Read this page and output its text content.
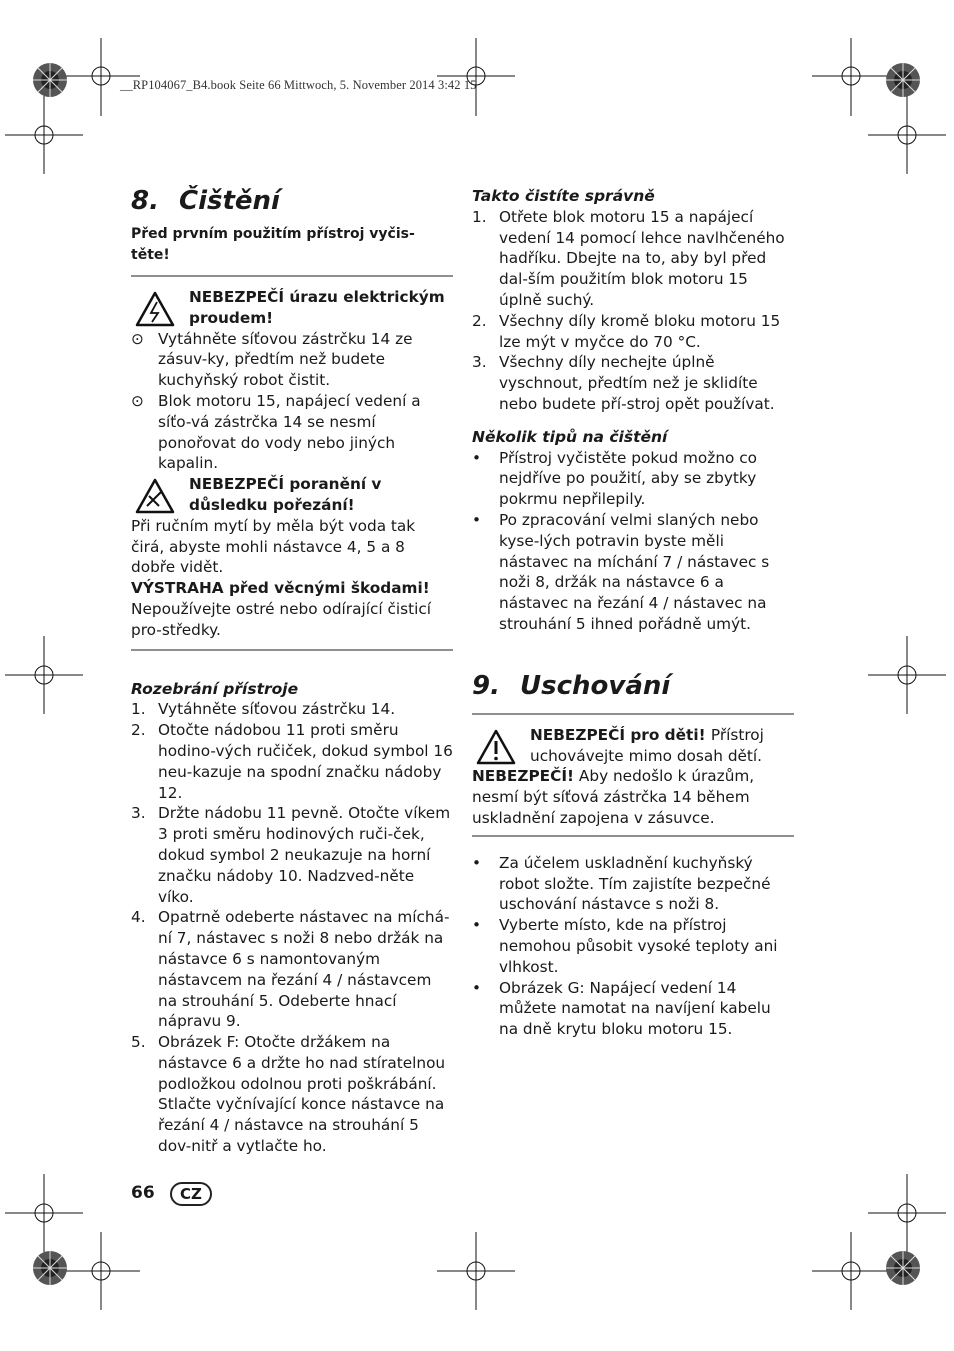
__RP104067_B4.book Seite 66 Mittwoch, 5. November 2014 3:42 15
8. Čištění

Před prvním použitím přístroj vyčis-těte!

NEBEZPEČÍ úrazu elektrickým proudem!
⊙ Vytáhněte síťovou zástrčku 14 ze zásuv-ky, předtím než budete kuchyňský robot čistit.
⊙ Blok motoru 15, napájecí vedení a síťo-vá zástrčka 14 se nesmí ponořovat do vody nebo jiných kapalin.
NEBEZPEČÍ poranění v důsledku pořezání!

Při ručním mytí by měla být voda tak čirá, abyste mohli nástavce 4, 5 a 8 dobře vidět.

VÝSTRAHA před věcnými škodami!

Nepoužívejte ostré nebo odírající čisticí pro-středky.

Rozebrání přístroje
1. Vytáhněte síťovou zástrčku 14.
2. Otočte nádobou 11 proti směru hodino-vých ručiček, dokud symbol 16 neu-kazuje na spodní značku nádoby 12.
3. Držte nádobu 11 pevně. Otočte víkem 3 proti směru hodinových ruči-ček, dokud symbol 2 neukazuje na horní značku nádoby 10. Nadzved-něte víko.
4. Opatrně odeberte nástavec na míchá-ní 7, nástavec s noži 8 nebo držák na nástavce 6 s namontovaným nástavcem na řezání 4 / nástavcem na strouhání 5. Odeberte hnací nápravu 9.
5. Obrázek F: Otočte držákem na nástavce 6 a držte ho nad stíratelnou podložkou odolnou proti poškrábání. Stlačte vyčnívající konce nástavce na řezání 4 / nástavce na strouhání 5 dov-nitř a vytlačte ho.
Takto čistíte správně
1. Otřete blok motoru 15 a napájecí vedení 14 pomocí lehce navlhčeného hadříku. Dbejte na to, aby byl před dal-ším použitím blok motoru 15 úplně suchý.
2. Všechny díly kromě bloku motoru 15 lze mýt v myčce do 70 °C.
3. Všechny díly nechejte úplně vyschnout, předtím než je sklidíte nebo budete pří-stroj opět používat.
Několik tipů na čištění
•	Přístroj vyčistěte pokud možno co nejdříve po použití, aby se zbytky pokrmu nepřilepily.
•	Po zpracování velmi slaných nebo kyse-lých potravin byste měli nástavec na míchání 7 / nástavec s noži 8, držák na nástavce 6 a nástavec na řezání 4 / nástavec na strouhání 5 ihned pořádně umýt.
9. Uschování
NEBEZPEČÍ pro děti! Přístroj uchovávejte mimo dosah dětí.

NEBEZPEČÍ! Aby nedošlo k úrazům, nesmí být síťová zástrčka 14 během uskladnění zapojena v zásuvce.

•	Za účelem uskladnění kuchyňský robot složte. Tím zajistíte bezpečné uschování nástavce s noži 8.
•	Vyberte místo, kde na přístroj nemohou působit vysoké teploty ani vlhkost.
•	Obrázek G: Napájecí vedení 14 můžete namotat na navíjení kabelu na dně krytu bloku motoru 15.
66	CZ
